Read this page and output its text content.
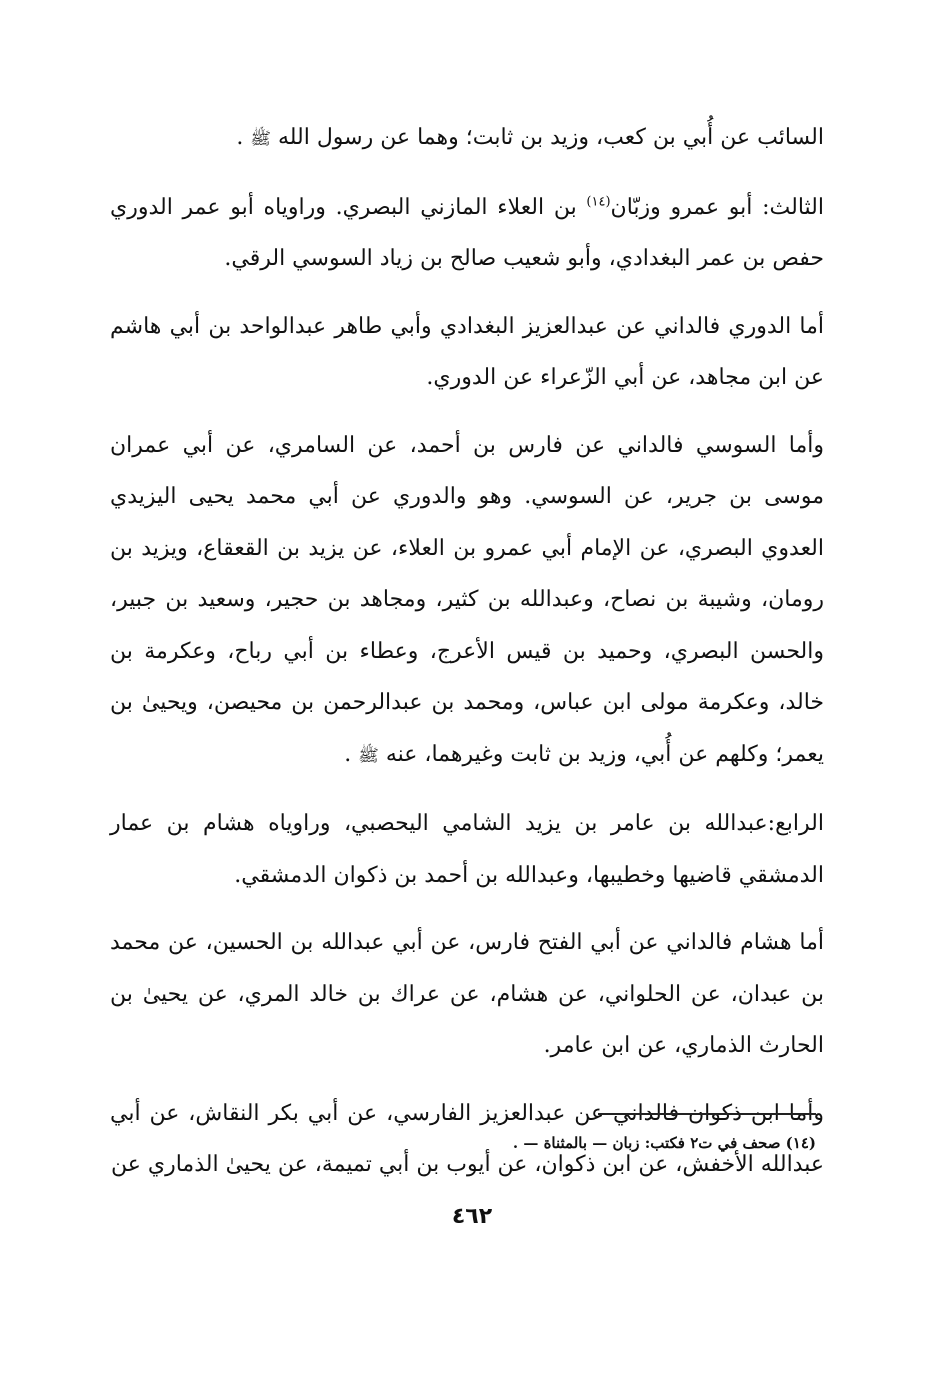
السائب عن أُبي بن كعب، وزيد بن ثابت؛ وهما عن رسول الله ﷺ .

الثالث: أبو عمرو وزبّان$^{(١٤)}$ بن العلاء المازني البصري. وراوياه أبو عمر الدوري حفص بن عمر البغدادي، وأبو شعيب صالح بن زياد السوسي الرقي.

أما الدوري فالداني عن عبدالعزيز البغدادي وأبي طاهر عبدالواحد بن أبي هاشم عن ابن مجاهد، عن أبي الزّعراء عن الدوري.

وأما السوسي فالداني عن فارس بن أحمد، عن السامري، عن أبي عمران موسى بن جرير، عن السوسي. وهو والدوري عن أبي محمد يحيى اليزيدي العدوي البصري، عن الإمام أبي عمرو بن العلاء، عن يزيد بن القعقاع، ويزيد بن رومان، وشيبة بن نصاح، وعبدالله بن كثير، ومجاهد بن حجير، وسعيد بن جبير، والحسن البصري، وحميد بن قيس الأعرج، وعطاء بن أبي رباح، وعكرمة بن خالد، وعكرمة مولى ابن عباس، ومحمد بن عبدالرحمن بن محيصن، ويحيىٰ بن يعمر؛ وكلهم عن أُبي، وزيد بن ثابت وغيرهما، عنه ﷺ .

الرابع:عبدالله بن عامر بن يزيد الشامي اليحصبي، وراوياه هشام بن عمار الدمشقي قاضيها وخطيبها، وعبدالله بن أحمد بن ذكوان الدمشقي.

أما هشام فالداني عن أبي الفتح فارس، عن أبي عبدالله بن الحسين، عن محمد بن عبدان، عن الحلواني، عن هشام، عن عراك بن خالد المري، عن يحيىٰ بن الحارث الذماري، عن ابن عامر.

وأما ابن ذكوان فالداني عن عبدالعزيز الفارسي، عن أبي بكر النقاش، عن أبي عبدالله الأخفش، عن ابن ذكوان، عن أيوب بن أبي تميمة، عن يحيىٰ الذماري عن

(١٤) صحف في ت٢ فكتب: زبان — بالمثناة — .
٤٦٢
